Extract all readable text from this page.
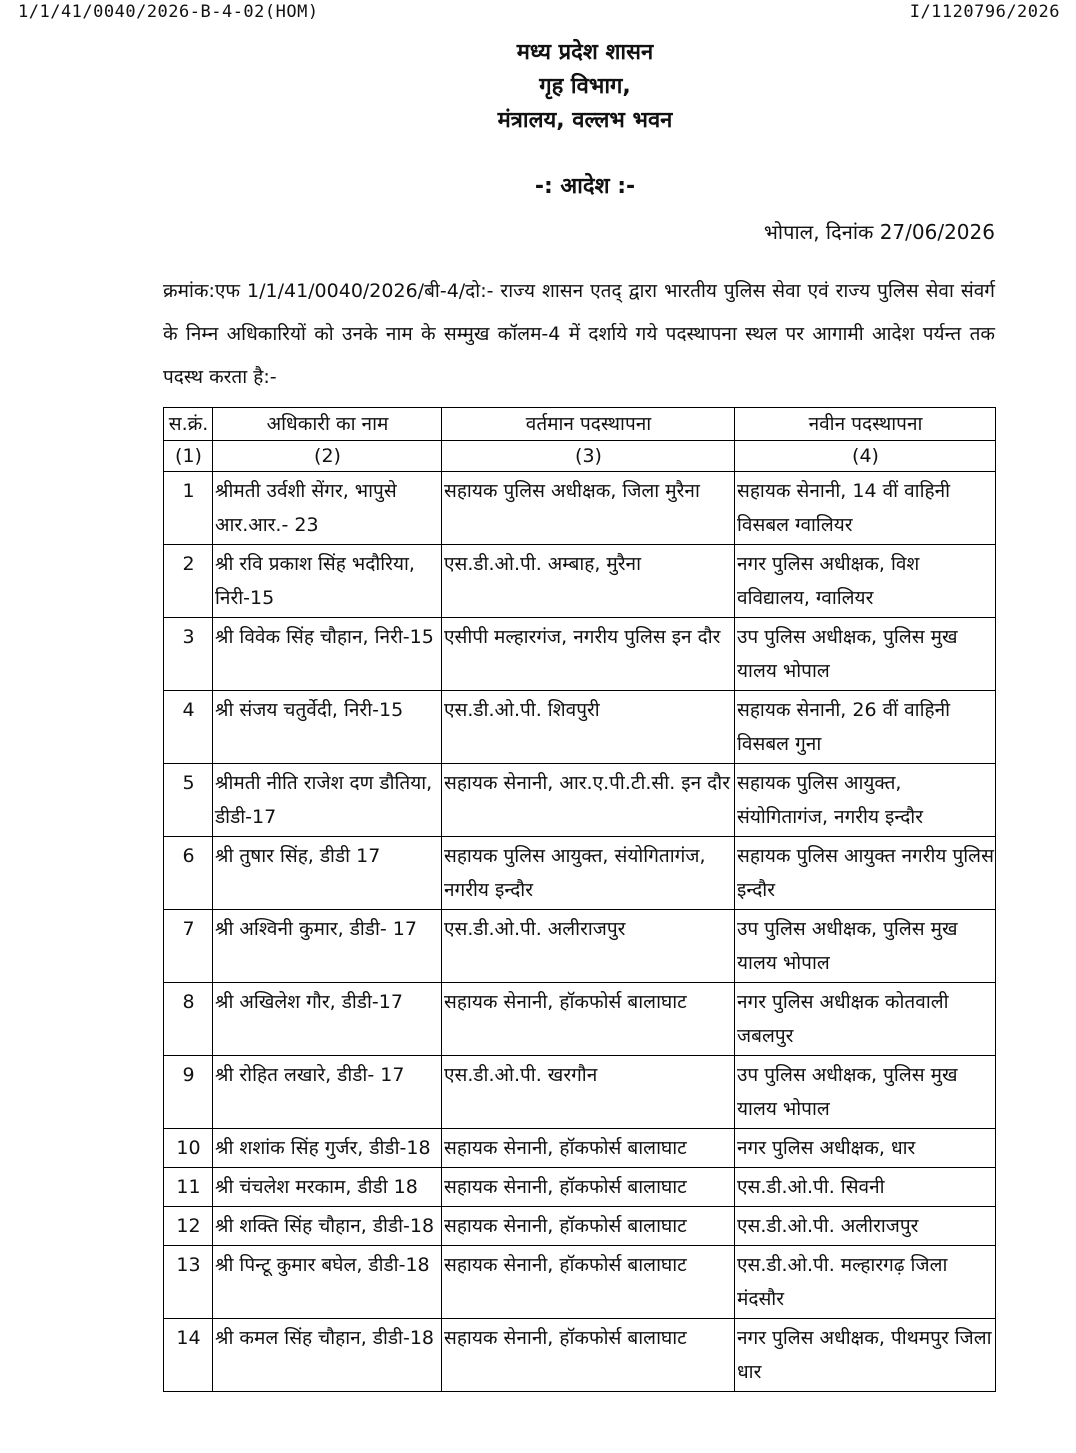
1/1/41/0040/2026-B-4-02(HOM)	I/1120796/2026
मध्य प्रदेश शासन
गृह विभाग,
मंत्रालय, वल्लभ भवन
-: आदेश :-
भोपाल, दिनांक 27/06/2026
क्रमांक:एफ 1/1/41/0040/2026/बी-4/दो:- राज्य शासन एतद् द्वारा भारतीय पुलिस सेवा एवं राज्य पुलिस सेवा संवर्ग के निम्न अधिकारियों को उनके नाम के सम्मुख कॉलम-4 में दर्शाये गये पदस्थापना स्थल पर आगामी आदेश पर्यन्त तक पदस्थ करता है:-
स.क्रं.	अधिकारी का नाम	वर्तमान पदस्थापना	नवीन पदस्थापना
(1)	(2)	(3)	(4)
1	श्रीमती उर्वशी सेंगर, भापुसे आर.आर.- 23	सहायक पुलिस अधीक्षक, जिला मुरैना	सहायक सेनानी, 14 वीं वाहिनी विसबल ग्वालियर
2	श्री रवि प्रकाश सिंह भदौरिया, निरी-15	एस.डी.ओ.पी. अम्बाह, मुरैना	नगर पुलिस अधीक्षक, विश वविद्यालय, ग्वालियर
3	श्री विवेक सिंह चौहान, निरी-15	एसीपी मल्हारगंज, नगरीय पुलिस इन दौर	उप पुलिस अधीक्षक, पुलिस मुख यालय भोपाल
4	श्री संजय चतुर्वेदी, निरी-15	एस.डी.ओ.पी. शिवपुरी	सहायक सेनानी, 26 वीं वाहिनी विसबल गुना
5	श्रीमती नीति राजेश दण डौतिया, डीडी-17	सहायक सेनानी, आर.ए.पी.टी.सी. इन दौर	सहायक पुलिस आयुक्त, संयोगितागंज, नगरीय इन्दौर
6	श्री तुषार सिंह, डीडी 17	सहायक पुलिस आयुक्त, संयोगितागंज, नगरीय इन्दौर	सहायक पुलिस आयुक्त नगरीय पुलिस इन्दौर
7	श्री अश्विनी कुमार, डीडी- 17	एस.डी.ओ.पी. अलीराजपुर	उप पुलिस अधीक्षक, पुलिस मुख यालय भोपाल
8	श्री अखिलेश गौर, डीडी-17	सहायक सेनानी, हॉकफोर्स बालाघाट	नगर पुलिस अधीक्षक कोतवाली जबलपुर
9	श्री रोहित लखारे, डीडी- 17	एस.डी.ओ.पी. खरगौन	उप पुलिस अधीक्षक, पुलिस मुख यालय भोपाल
10	श्री शशांक सिंह गुर्जर, डीडी-18	सहायक सेनानी, हॉकफोर्स बालाघाट	नगर पुलिस अधीक्षक, धार
11	श्री चंचलेश मरकाम, डीडी 18	सहायक सेनानी, हॉकफोर्स बालाघाट	एस.डी.ओ.पी. सिवनी
12	श्री शक्ति सिंह चौहान, डीडी-18	सहायक सेनानी, हॉकफोर्स बालाघाट	एस.डी.ओ.पी. अलीराजपुर
13	श्री पिन्टू कुमार बघेल, डीडी-18	सहायक सेनानी, हॉकफोर्स बालाघाट	एस.डी.ओ.पी. मल्हारगढ़ जिला मंदसौर
14	श्री कमल सिंह चौहान, डीडी-18	सहायक सेनानी, हॉकफोर्स बालाघाट	नगर पुलिस अधीक्षक, पीथमपुर जिला धार
